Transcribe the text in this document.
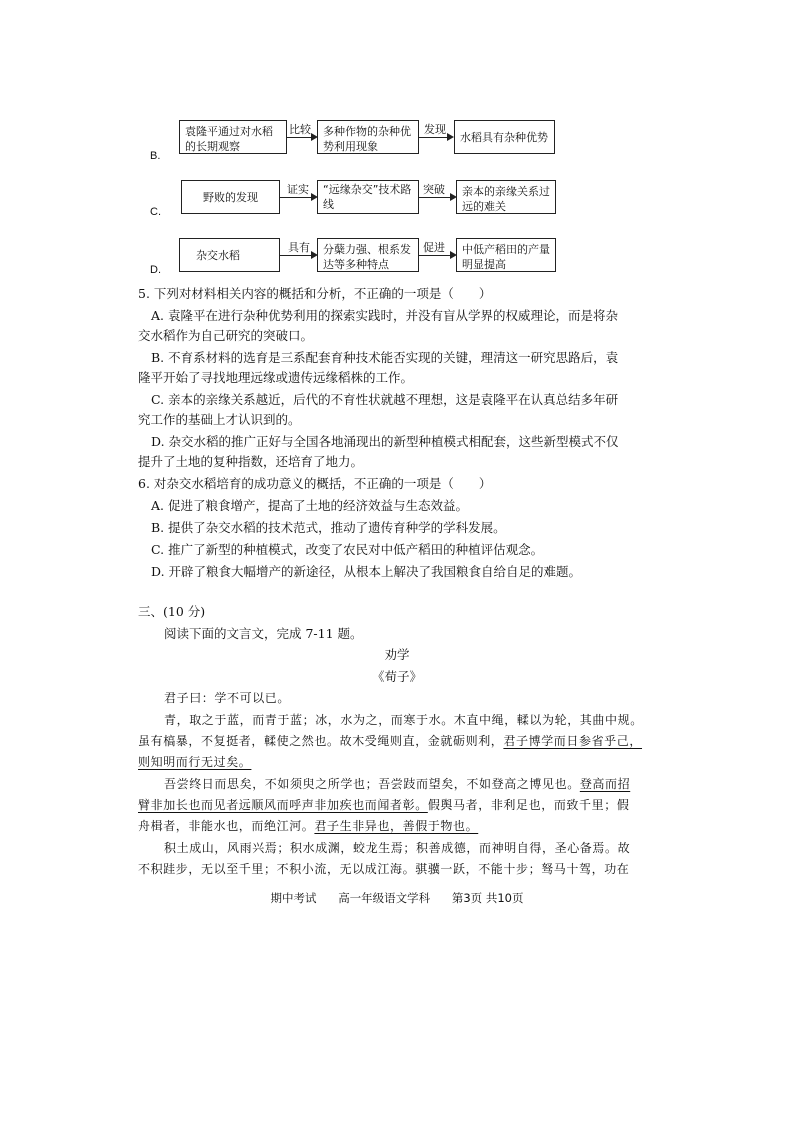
B.
袁隆平通过对水稻的长期观察
比较	多种作物的杂种优势利用现象
发现
水稻具有杂种优势
C.
野败的发现
证实	“远缘杂交”技术路线
突破	亲本的亲缘关系过远的难关
D.
杂交水稻
具有	分蘖力强、根系发达等多种特点
促进	中低产稻田的产量明显提高
5. 下列对材料相关内容的概括和分析，不正确的一项是（　　）
A. 袁隆平在进行杂种优势利用的探索实践时，并没有盲从学界的权威理论，而是将杂
交水稻作为自己研究的突破口。
B. 不育系材料的选育是三系配套育种技术能否实现的关键，理清这一研究思路后，袁
隆平开始了寻找地理远缘或遗传远缘稻株的工作。
C. 亲本的亲缘关系越近，后代的不育性状就越不理想，这是袁隆平在认真总结多年研
究工作的基础上才认识到的。
D. 杂交水稻的推广正好与全国各地涌现出的新型种植模式相配套，这些新型模式不仅
提升了土地的复种指数，还培育了地力。
6. 对杂交水稻培育的成功意义的概括，不正确的一项是（　　）
A. 促进了粮食增产，提高了土地的经济效益与生态效益。
B. 提供了杂交水稻的技术范式，推动了遗传育种学的学科发展。
C. 推广了新型的种植模式，改变了农民对中低产稻田的种植评估观念。
D. 开辟了粮食大幅增产的新途径，从根本上解决了我国粮食自给自足的难题。
三、(10 分)
阅读下面的文言文，完成 7-11 题。
劝学
《荀子》
君子曰：学不可以已。
青，取之于蓝，而青于蓝；冰，水为之，而寒于水。木直中绳，輮以为轮，其曲中规。
虽有槁暴，不复挺者，輮使之然也。故木受绳则直，金就砺则利，君子博学而日参省乎己，
则知明而行无过矣。
吾尝终日而思矣，不如须臾之所学也；吾尝跂而望矣，不如登高之博见也。登高而招
臂非加长也而见者远顺风而呼声非加疾也而闻者彰。假舆马者，非利足也，而致千里；假
舟楫者，非能水也，而绝江河。君子生非异也，善假于物也。
积土成山，风雨兴焉；积水成渊，蛟龙生焉；积善成德，而神明自得，圣心备焉。故
不积跬步，无以至千里；不积小流，无以成江海。骐骥一跃，不能十步；驽马十驾，功在
期中考试 高一年级语文学科 第3页 共10页
